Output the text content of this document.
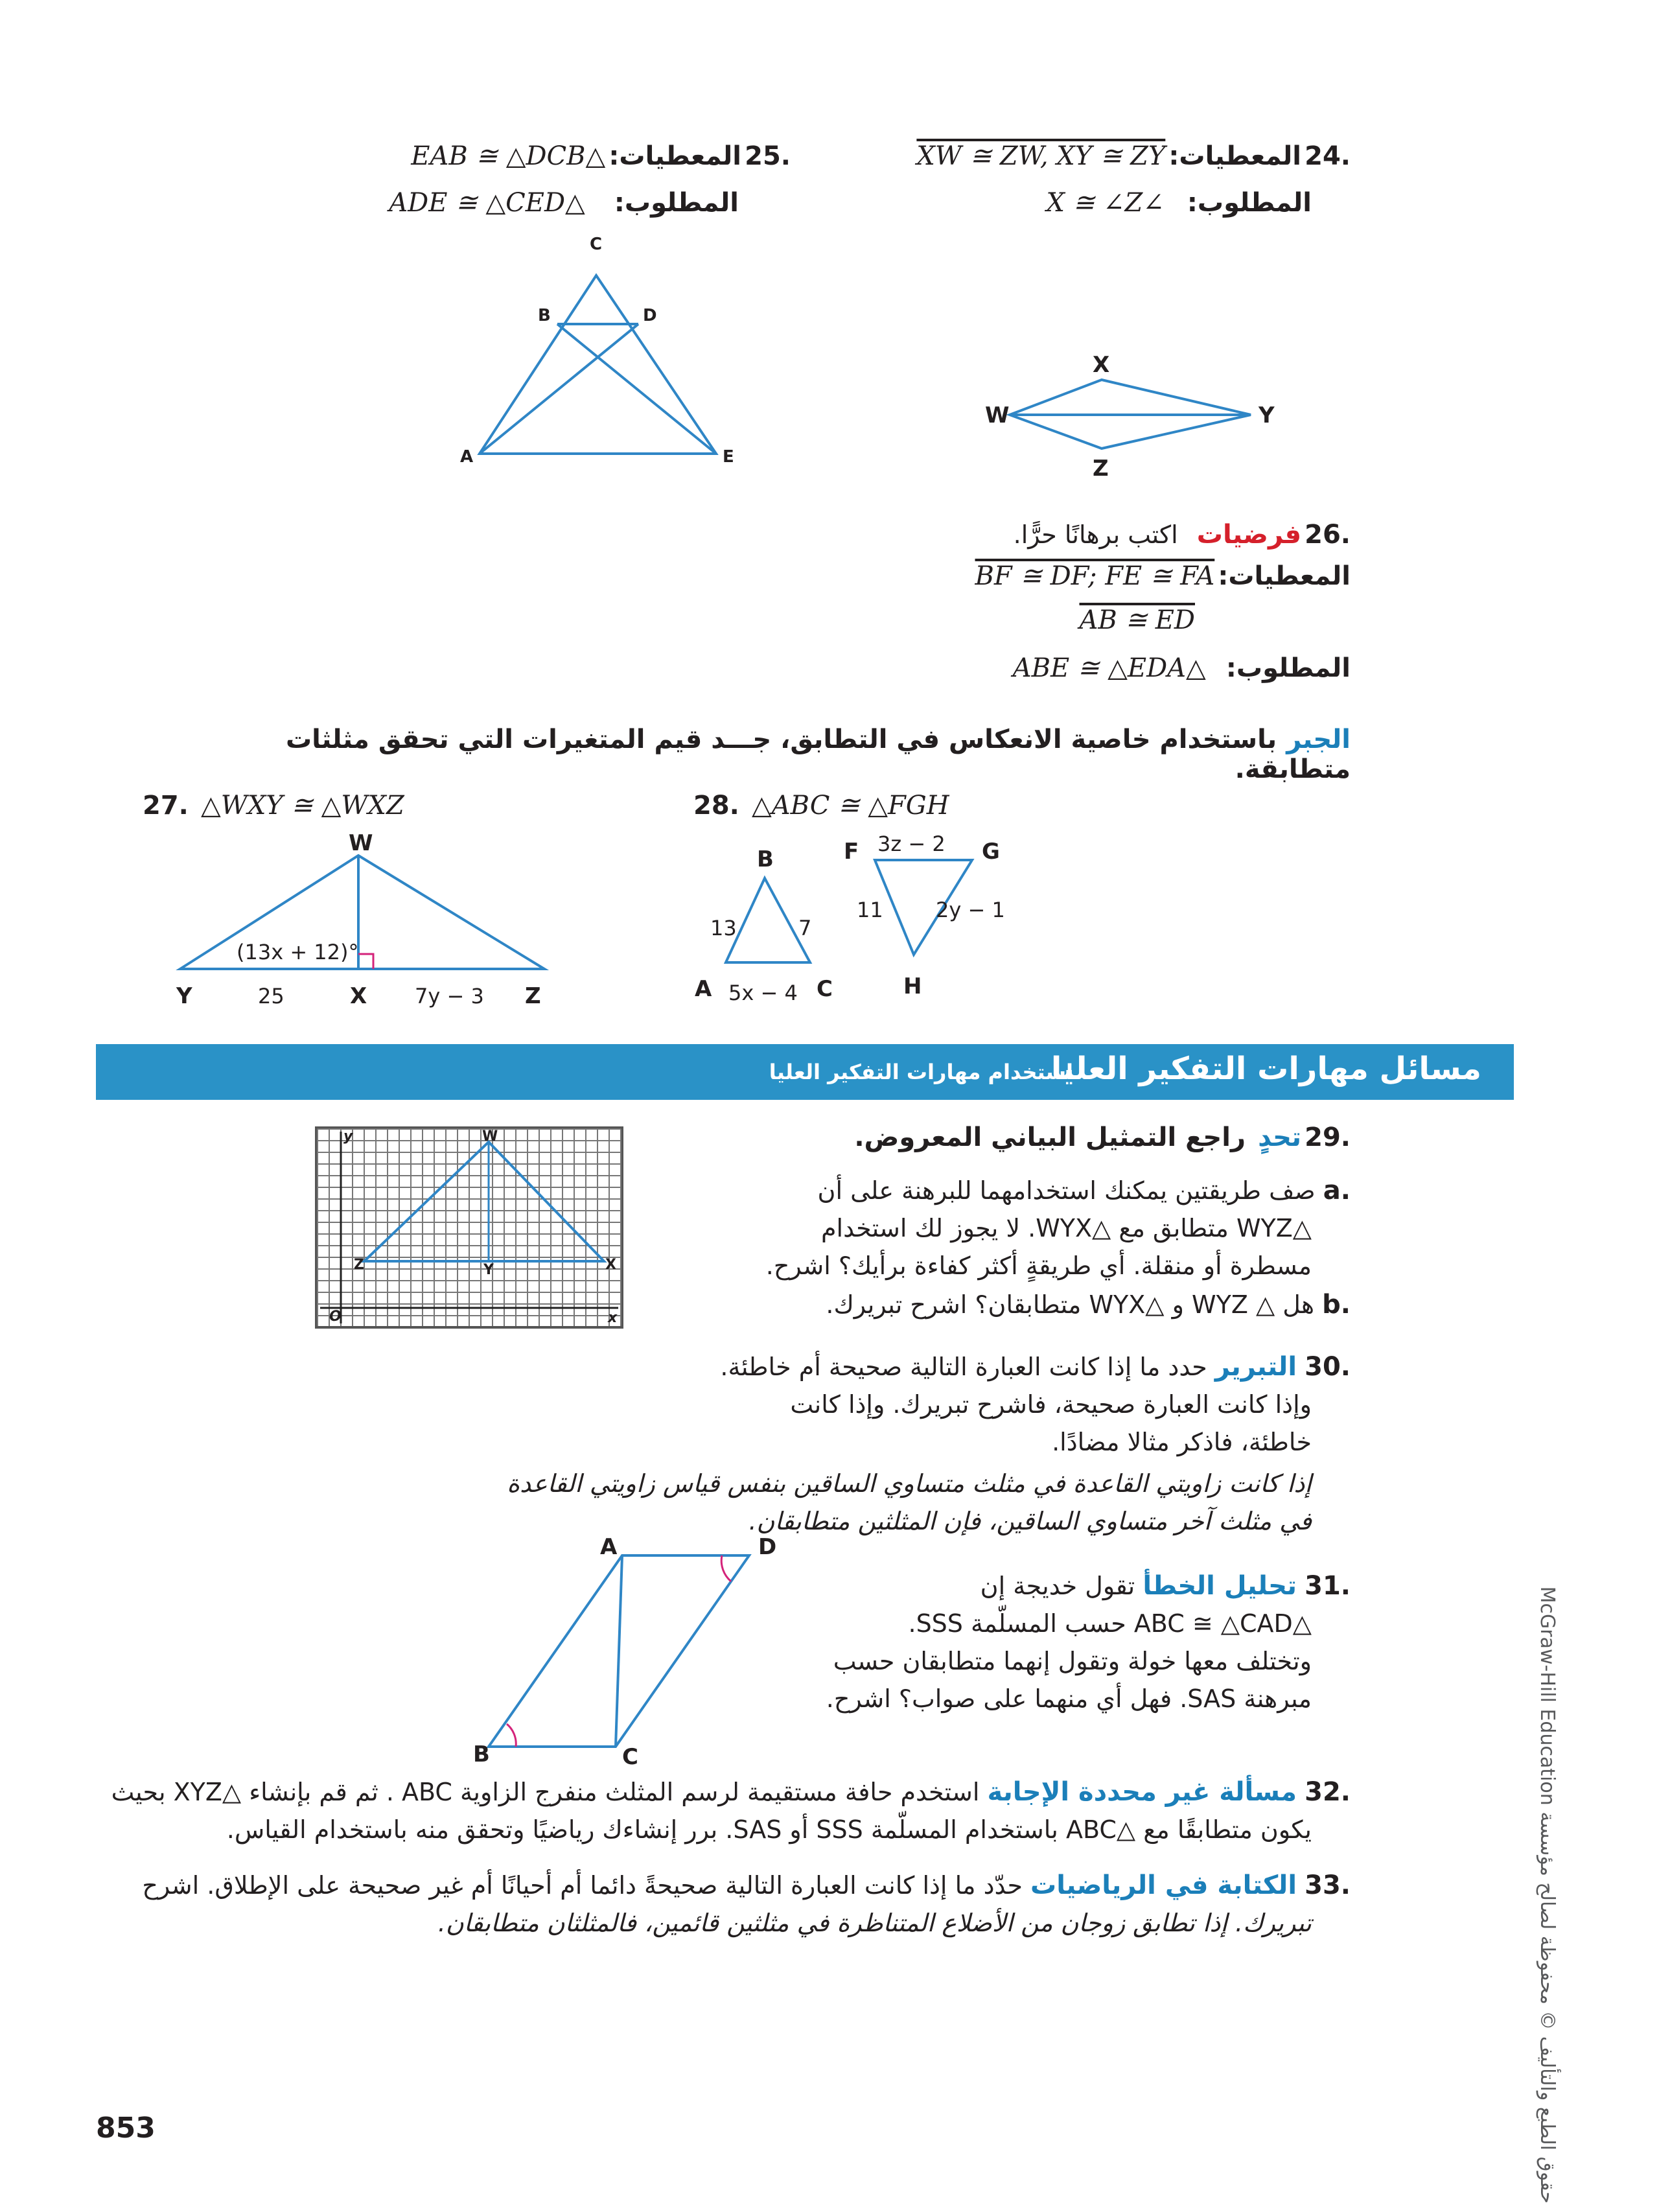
.24 المعطيات: XW ≅ ZW, XY ≅ ZY
المطلوب: ∠X ≅ ∠Z
W
X
Y
Z
.25 المعطيات: △EAB ≅ △DCB
المطلوب: △ADE ≅ △CED
C
B	D
A	E
.26 فرضيات اكتب برهانًا حرًّا.
المعطيات: BF ≅ DF; FE ≅ FA
AB ≅ ED
المطلوب: △ABE ≅ △EDA
الجبر باستخدام خاصية الانعكاس في التطابق، جـــد قيم المتغيرات التي تحقق مثلثات متطابقة.
27. △WXY ≅ △WXZ
W
Y	X	Z
(13x + 12)°
25	7y − 3
28. △ABC ≅ △FGH
B
A	C
13	7
5x − 4
F	G
H
3z − 2
11	2y − 1
مسائل مهارات التفكير العليا
استخدام مهارات التفكير العليا
y	W
Z	Y	X
O	x
.29 تحدٍ راجع التمثيل البياني المعروض.
.a صف طريقتين يمكنك استخدامهما للبرهنة على أن
△WYZ متطابق مع △WYX. لا يجوز لك استخدام
مسطرة أو منقلة. أي طريقةٍ أكثر كفاءة برأيك؟ اشرح.
.b هل △ WYZ و △WYX متطابقان؟ اشرح تبريرك.
.30 التبرير حدد ما إذا كانت العبارة التالية صحيحة أم خاطئة.
وإذا كانت العبارة صحيحة، فاشرح تبريرك. وإذا كانت
خاطئة، فاذكر مثالا مضادًا.
إذا كانت زاويتي القاعدة في مثلث متساوي الساقين بنفس قياس زاويتي القاعدة
في مثلث آخر متساوي الساقين، فإن المثلثين متطابقان.
A	D
B	C
.31 تحليل الخطأ تقول خديجة إن
△ABC ≅ △CAD حسب المسلّمة SSS.
وتختلف معها خولة وتقول إنهما متطابقان حسب
مبرهنة SAS. فهل أي منهما على صواب؟ اشرح.
.32 مسألة غير محددة الإجابة استخدم حافة مستقيمة لرسم المثلث منفرج الزاوية ABC . ثم قم بإنشاء △XYZ بحيث
يكون متطابقًا مع △ABC باستخدام المسلّمة SSS أو SAS. برر إنشاءك رياضيًا وتحقق منه باستخدام القياس.
.33 الكتابة في الرياضيات حدّد ما إذا كانت العبارة التالية صحيحةً دائما أم أحيانًا أم غير صحيحة على الإطلاق. اشرح
تبريرك. إذا تطابق زوجان من الأضلاع المتناظرة في مثلثين قائمين، فالمثلثان متطابقان.
حقوق الطبع والتأليف © محفوظة لصالح مؤسسة McGraw-Hill Education
853
